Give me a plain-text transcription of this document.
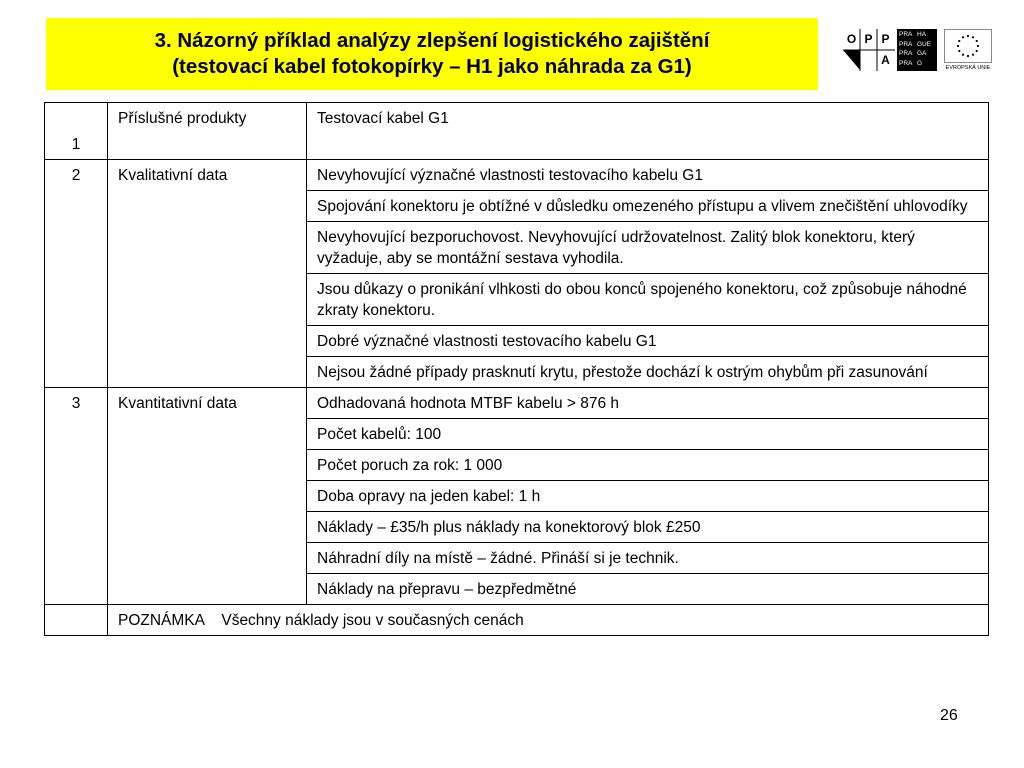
3. Názorný příklad analýzy zlepšení logistického zajištění
(testovací kabel fotokopírky – H1 jako náhrada za G1)
O P P
A
PRA HA
PRA GUE
PRA GA
PRA G
EVROPSKÁ UNIE
1	Příslušné produkty	Testovací kabel G1
2	Kvalitativní data	Nevyhovující význačné vlastnosti testovacího kabelu G1
		Spojování konektoru je obtížné v důsledku omezeného přístupu a vlivem znečištění uhlovodíky
		Nevyhovující bezporuchovost. Nevyhovující udržovatelnost. Zalitý blok konektoru, který vyžaduje, aby se montážní sestava vyhodila.
		Jsou důkazy o pronikání vlhkosti do obou konců spojeného konektoru, což způsobuje náhodné zkraty konektoru.
		Dobré význačné vlastnosti testovacího kabelu G1
		Nejsou žádné případy prasknutí krytu, přestože dochází k ostrým ohybům při zasunování
3	Kvantitativní data	Odhadovaná hodnota MTBF kabelu > 876 h
		Počet kabelů: 100
		Počet poruch za rok: 1 000
		Doba opravy na jeden kabel: 1 h
		Náklady – £35/h plus náklady na konektorový blok £250
		Náhradní díly na místě – žádné. Přináší si je technik.
		Náklady na přepravu – bezpředmětné
	POZNÁMKA    Všechny náklady jsou v současných cenách	
26
